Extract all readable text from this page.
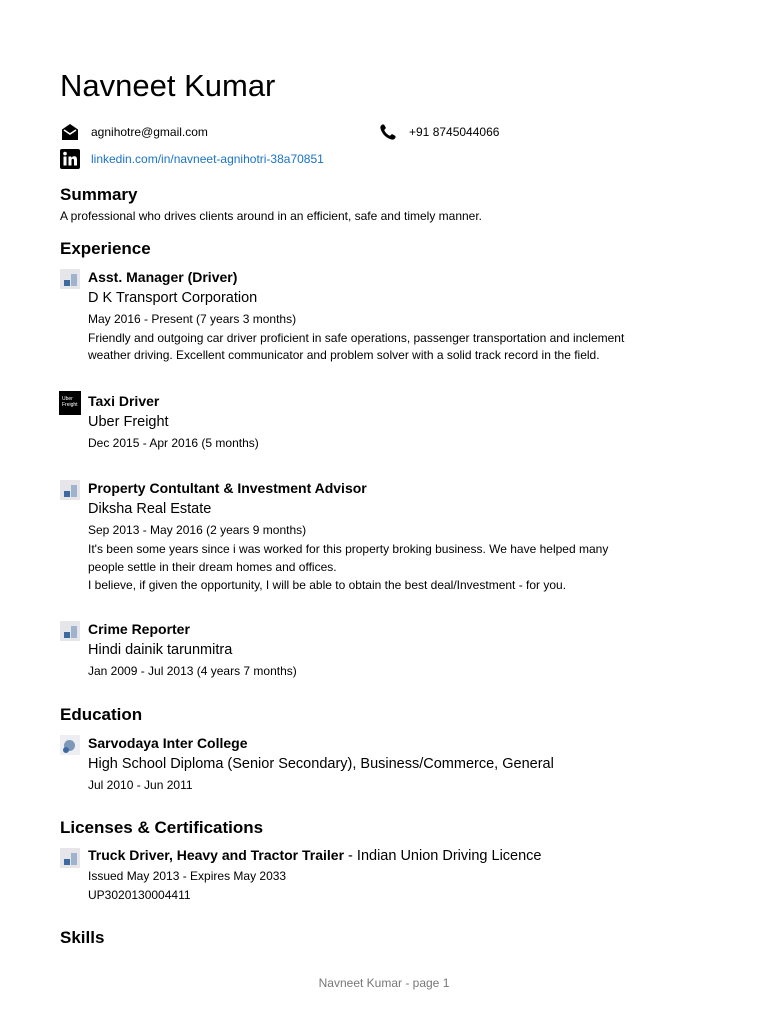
Navneet Kumar
agnihotre@gmail.com	+91 8745044066
linkedin.com/in/navneet-agnihotri-38a70851
Summary
A professional who drives clients around in an efficient, safe and timely manner.
Experience
Asst. Manager (Driver)
D K Transport Corporation
May 2016 - Present (7 years 3 months)
Friendly and outgoing car driver proficient in safe operations, passenger transportation and inclement
weather driving. Excellent communicator and problem solver with a solid track record in the field.
Uber
Freight Taxi Driver
Uber Freight
Dec 2015 - Apr 2016 (5 months)
Property Contultant & Investment Advisor
Diksha Real Estate
Sep 2013 - May 2016 (2 years 9 months)
It's been some years since i was worked for this property broking business. We have helped many
people settle in their dream homes and offices.
I believe, if given the opportunity, I will be able to obtain the best deal/Investment - for you.
Crime Reporter
Hindi dainik tarunmitra
Jan 2009 - Jul 2013 (4 years 7 months)
Education
Sarvodaya Inter College
High School Diploma (Senior Secondary), Business/Commerce, General
Jul 2010 - Jun 2011
Licenses & Certifications
Truck Driver, Heavy and Tractor Trailer - Indian Union Driving Licence
Issued May 2013 - Expires May 2033
UP3020130004411
Skills
Navneet Kumar - page 1
